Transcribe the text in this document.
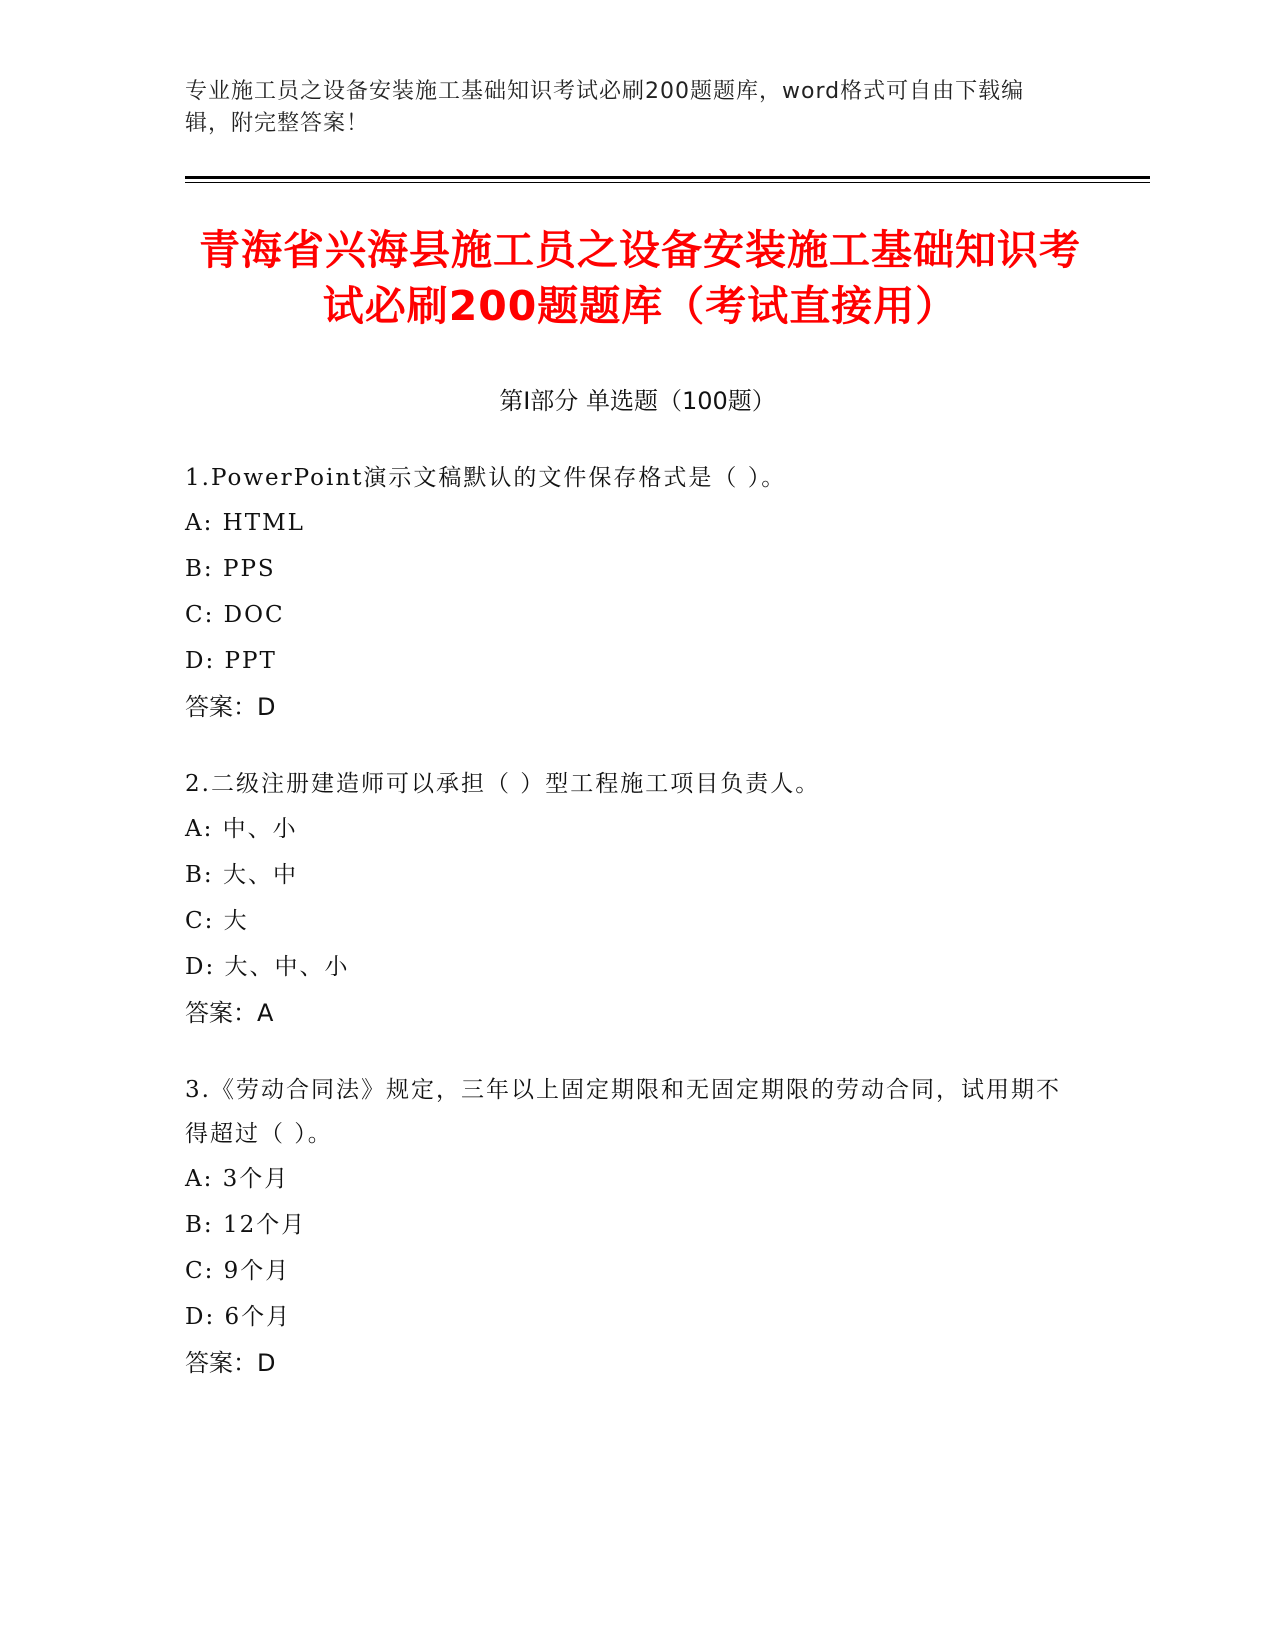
专业施工员之设备安装施工基础知识考试必刷200题题库，word格式可自由下载编辑，附完整答案！
青海省兴海县施工员之设备安装施工基础知识考试必刷200题题库（考试直接用）
第I部分 单选题（100题）
1.PowerPoint演示文稿默认的文件保存格式是（ ）。
A: HTML
B: PPS
C: DOC
D: PPT
答案：D
2.二级注册建造师可以承担（ ）型工程施工项目负责人。
A: 中、小
B: 大、中
C: 大
D: 大、中、小
答案：A
3.《劳动合同法》规定，三年以上固定期限和无固定期限的劳动合同，试用期不得超过（ ）。
A: 3个月
B: 12个月
C: 9个月
D: 6个月
答案：D
